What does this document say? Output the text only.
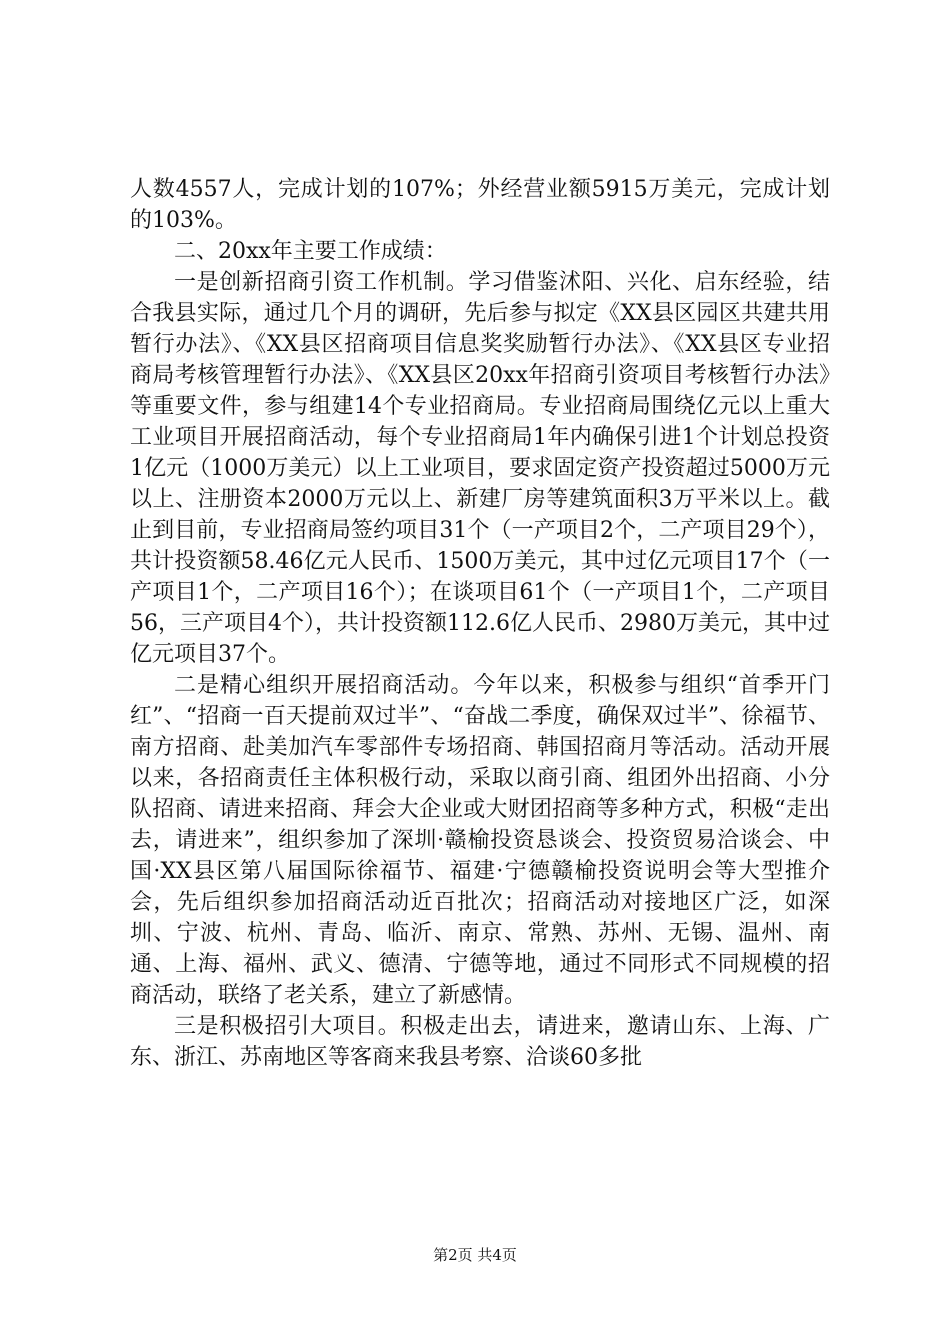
人数4557人，完成计划的107%；外经营业额5915万美元，完成计划的103%。

二、20xx年主要工作成绩：

一是创新招商引资工作机制。学习借鉴沭阳、兴化、启东经验，结合我县实际，通过几个月的调研，先后参与拟定《XX县区园区共建共用暂行办法》、《XX县区招商项目信息奖奖励暂行办法》、《XX县区专业招商局考核管理暂行办法》、《XX县区20xx年招商引资项目考核暂行办法》等重要文件，参与组建14个专业招商局。专业招商局围绕亿元以上重大工业项目开展招商活动，每个专业招商局1年内确保引进1个计划总投资1亿元（1000万美元）以上工业项目，要求固定资产投资超过5000万元以上、注册资本2000万元以上、新建厂房等建筑面积3万平米以上。截止到目前，专业招商局签约项目31个（一产项目2个，二产项目29个），共计投资额58.46亿元人民币、1500万美元，其中过亿元项目17个（一产项目1个，二产项目16个）；在谈项目61个（一产项目1个，二产项目56，三产项目4个），共计投资额112.6亿人民币、2980万美元，其中过亿元项目37个。

二是精心组织开展招商活动。今年以来，积极参与组织“首季开门红”、“招商一百天提前双过半”、“奋战二季度，确保双过半”、徐福节、南方招商、赴美加汽车零部件专场招商、韩国招商月等活动。活动开展以来，各招商责任主体积极行动，采取以商引商、组团外出招商、小分队招商、请进来招商、拜会大企业或大财团招商等多种方式，积极“走出去，请进来”，组织参加了深圳·赣榆投资恳谈会、投资贸易洽谈会、中国·XX县区第八届国际徐福节、福建·宁德赣榆投资说明会等大型推介会，先后组织参加招商活动近百批次；招商活动对接地区广泛，如深圳、宁波、杭州、青岛、临沂、南京、常熟、苏州、无锡、温州、南通、上海、福州、武义、德清、宁德等地，通过不同形式不同规模的招商活动，联络了老关系，建立了新感情。

三是积极招引大项目。积极走出去，请进来，邀请山东、上海、广东、浙江、苏南地区等客商来我县考察、洽谈60多批

第2页 共4页
